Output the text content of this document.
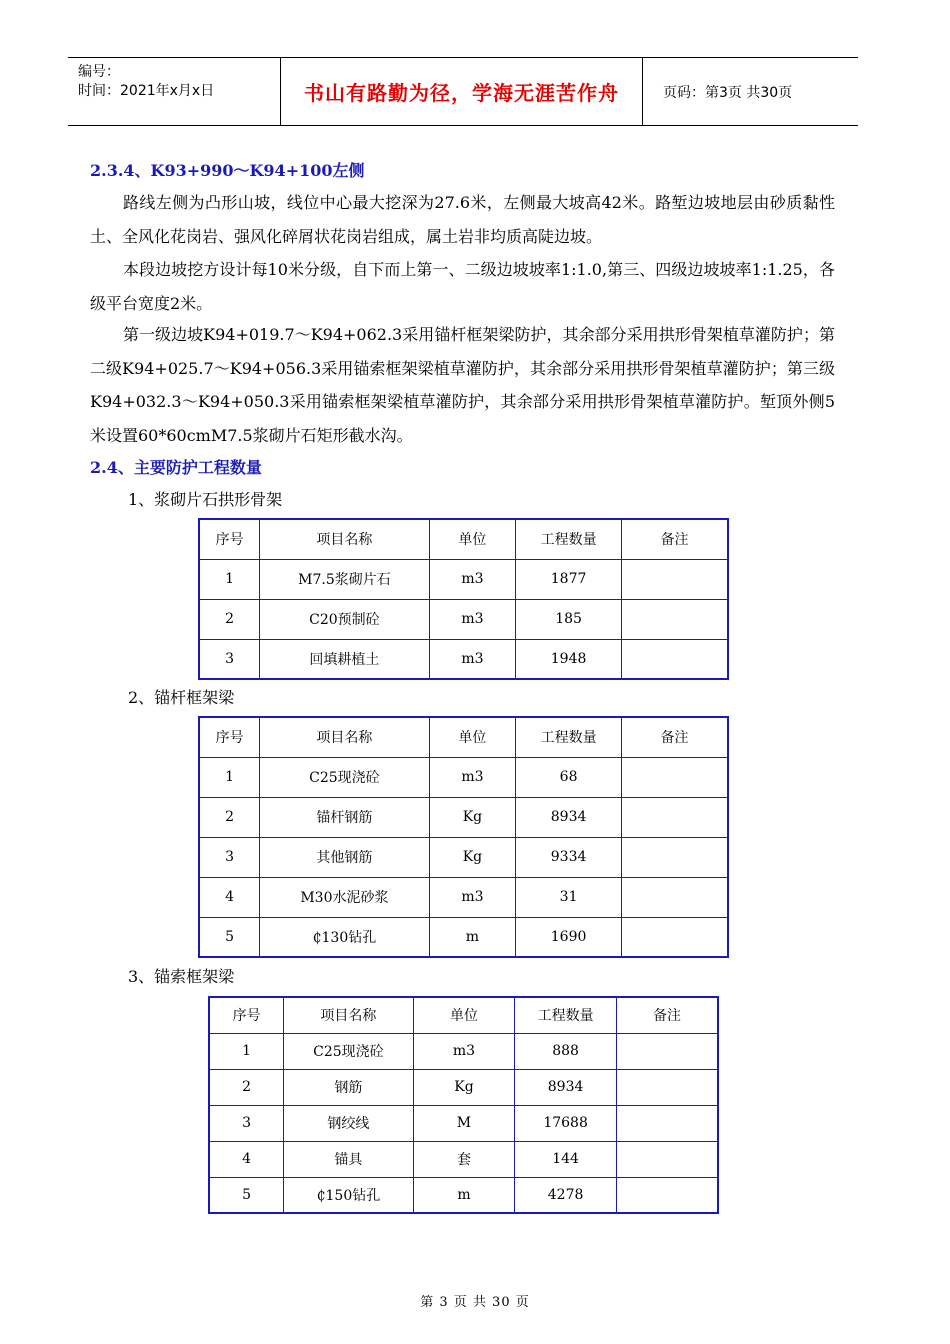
编号：
时间：2021年x月x日	书山有路勤为径，学海无涯苦作舟	页码：第3页 共30页
2.3.4、K93+990～K94+100左侧
路线左侧为凸形山坡，线位中心最大挖深为27.6米，左侧最大坡高42米。路堑边坡地层由砂质黏性土、全风化花岗岩、强风化碎屑状花岗岩组成，属土岩非均质高陡边坡。
本段边坡挖方设计每10米分级，自下而上第一、二级边坡坡率1:1.0,第三、四级边坡坡率1:1.25，各级平台宽度2米。
第一级边坡K94+019.7～K94+062.3采用锚杆框架梁防护，其余部分采用拱形骨架植草灌防护；第二级K94+025.7～K94+056.3采用锚索框架梁植草灌防护，其余部分采用拱形骨架植草灌防护；第三级K94+032.3～K94+050.3采用锚索框架梁植草灌防护，其余部分采用拱形骨架植草灌防护。堑顶外侧5米设置60*60cmM7.5浆砌片石矩形截水沟。
2.4、主要防护工程数量
1、浆砌片石拱形骨架
序号	项目名称	单位	工程数量	备注
1	M7.5浆砌片石	m3	1877	
2	C20预制砼	m3	185	
3	回填耕植土	m3	1948	
2、锚杆框架梁
序号	项目名称	单位	工程数量	备注
1	C25现浇砼	m3	68	
2	锚杆钢筋	Kg	8934	
3	其他钢筋	Kg	9334	
4	M30水泥砂浆	m3	31	
5	₵130钻孔	m	1690	
3、锚索框架梁
序号	项目名称	单位	工程数量	备注
1	C25现浇砼	m3	888	
2	钢筋	Kg	8934	
3	钢绞线	M	17688	
4	锚具	套	144	
5	₵150钻孔	m	4278	
第 3 页 共 30 页
